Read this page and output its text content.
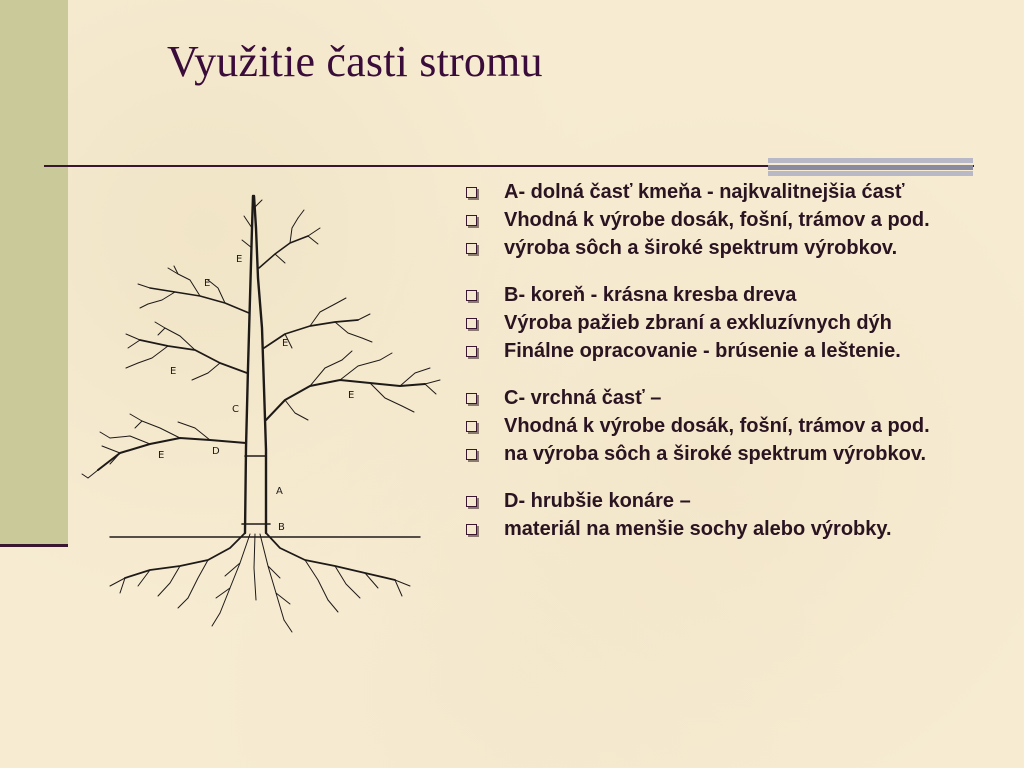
Využitie časti stromu
E
E
E
E
E
E
C
D
A
B
A- dolná časť kmeňa - najkvalitnejšia ćasť
Vhodná k výrobe dosák, fošní, trámov a pod.
výroba sôch a široké spektrum výrobkov.
B- koreň - krásna kresba dreva
Výroba pažieb zbraní a exkluzívnych dýh
Finálne opracovanie - brúsenie a leštenie.
C- vrchná časť –
Vhodná k výrobe dosák, fošní, trámov a pod.
na výroba sôch a široké spektrum výrobkov.
D- hrubšie konáre –
materiál na menšie sochy alebo výrobky.
